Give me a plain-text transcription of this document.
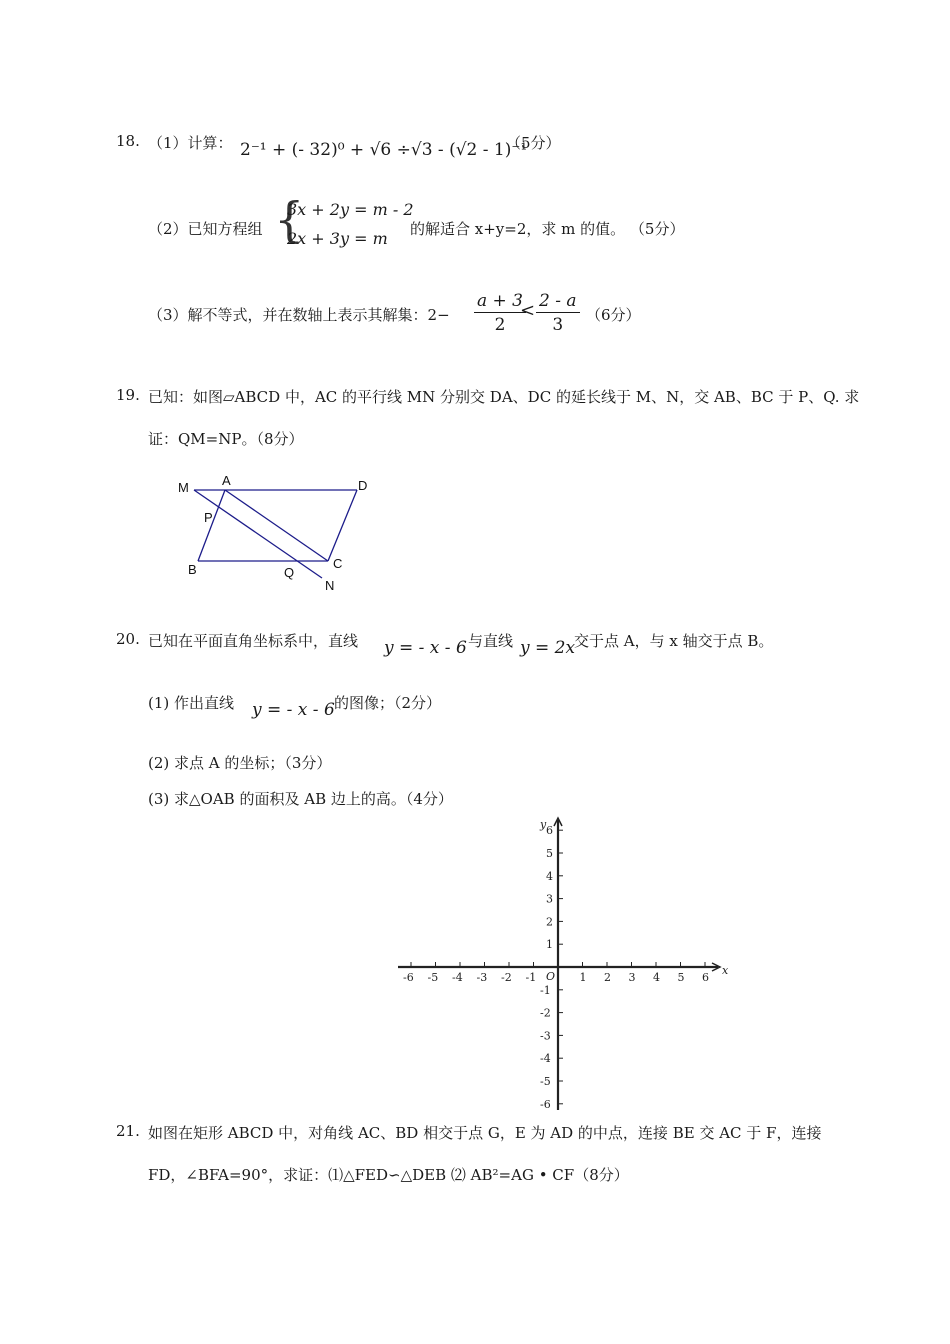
18. （1）计算： 2⁻¹ + (- 32)⁰ + √6 ÷√3 - (√2 - 1)⁻¹
（5分）
（2）已知方程组 {
3x + 2y = m - 2
2x + 3y = m 的解适合 x+y=2，求 m 的值。 （5分）
（3）解不等式，并在数轴上表示其解集：$2- \frac{a + 3}{2}$
< $\frac{2 - a}{3} (6$分）
19. 已知：如图▱ABCD 中，AC 的平行线 MN 分别交 DA、DC 的延长线于 M、N，交 AB、BC 于 P、Q. 求
证：QM=NP。（8分）
M	A	D
P
B	Q
C
N
20. 已知在平面直角坐标系中，直线 y = - x - 6 与直线 y = 2x
交于点 A，与 x 轴交于点 B。
(1) 作出直线 y = - x - 6 的图像；（2分）
(2) 求点 A 的坐标；（3分）
(3) 求△OAB 的面积及 AB 边上的高。（4分）
-6 -5 -4 -3 -2 -1	1 2 3 4 5 6
6
5
4
3
2
1
-1
-2
-3
-4
-5
-6
x
y
O
21. 如图在矩形 ABCD 中，对角线 AC、BD 相交于点 G，E 为 AD 的中点，连接 BE 交 AC 于 F，连接
FD，∠BFA=90°，求证：⑴△FED∽△DEB ⑵ AB²=AG • CF（8分）
